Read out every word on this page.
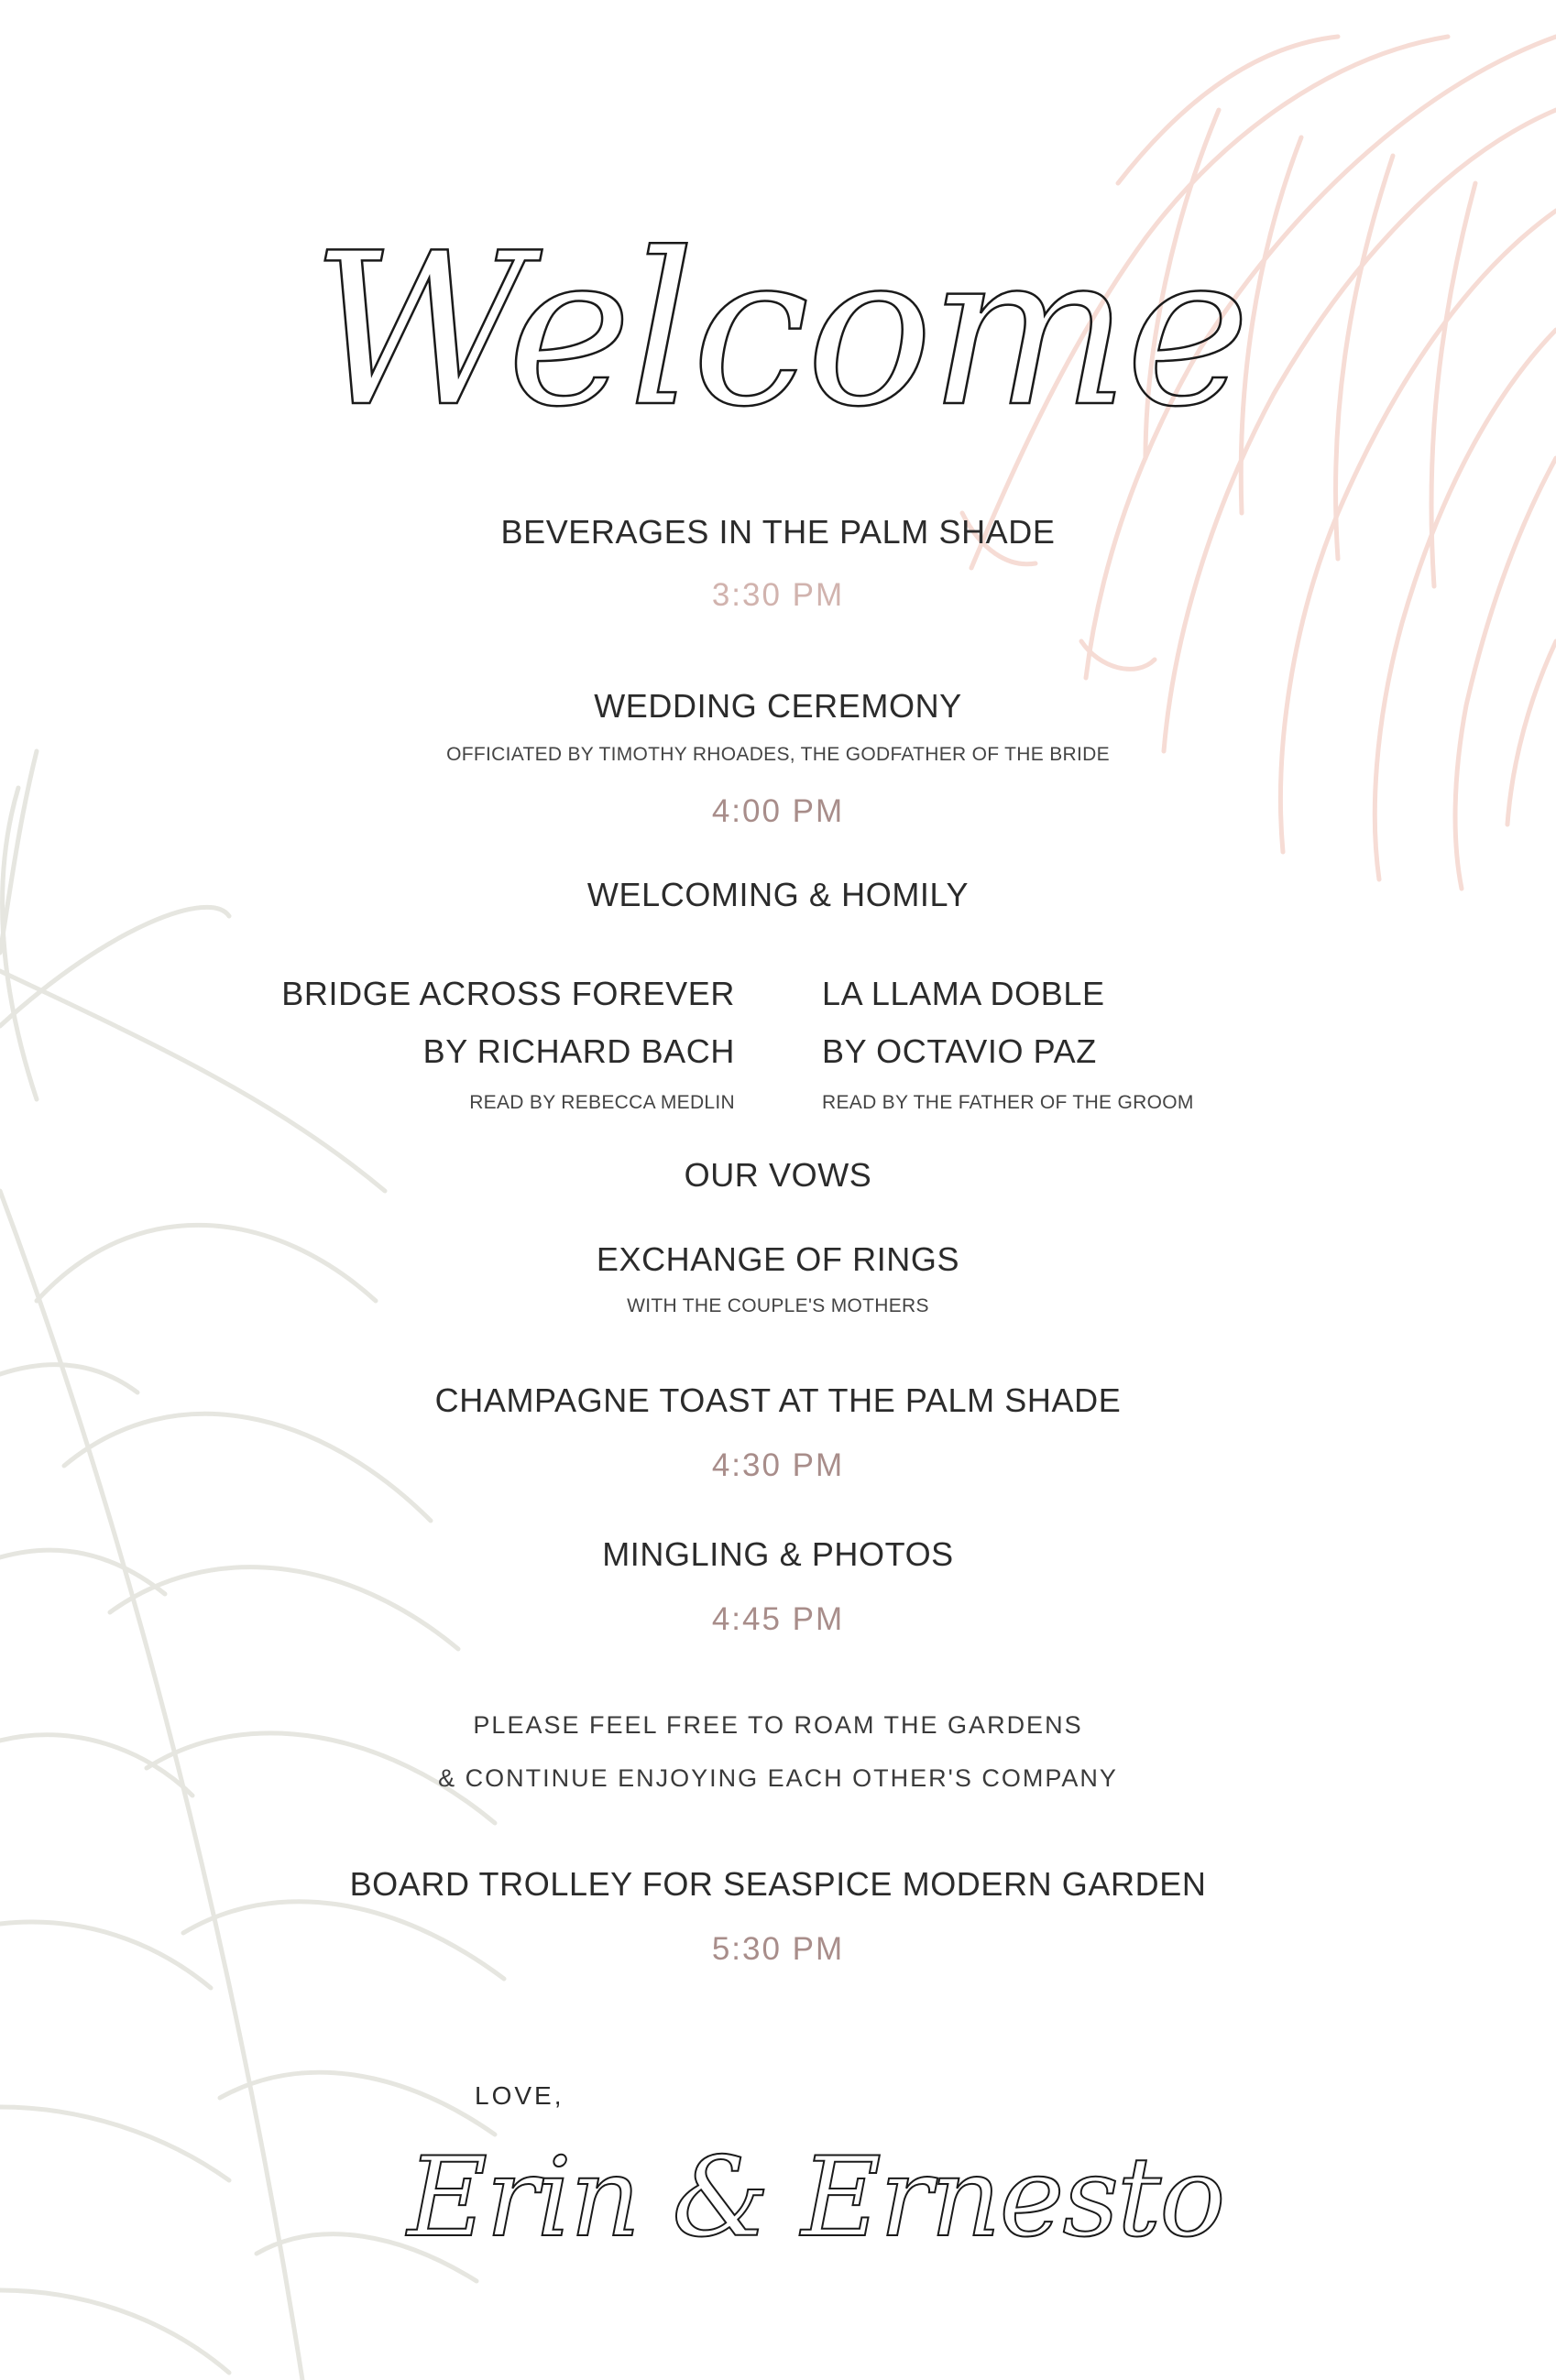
Welcome

BEVERAGES IN THE PALM SHADE

3:30 PM

WEDDING CEREMONY

OFFICIATED BY TIMOTHY RHOADES, THE GODFATHER OF THE BRIDE

4:00 PM

WELCOMING & HOMILY

BRIDGE ACROSS FOREVER
BY RICHARD BACH
READ BY REBECCA MEDLIN
LA LLAMA DOBLE
BY OCTAVIO PAZ
READ BY THE FATHER OF THE GROOM

OUR VOWS

EXCHANGE OF RINGS

WITH THE COUPLE'S MOTHERS

CHAMPAGNE TOAST AT THE PALM SHADE

4:30 PM

MINGLING & PHOTOS

4:45 PM

PLEASE FEEL FREE TO ROAM THE GARDENS

& CONTINUE ENJOYING EACH OTHER'S COMPANY

BOARD TROLLEY FOR SEASPICE MODERN GARDEN

5:30 PM

LOVE,
Erin & Ernesto
